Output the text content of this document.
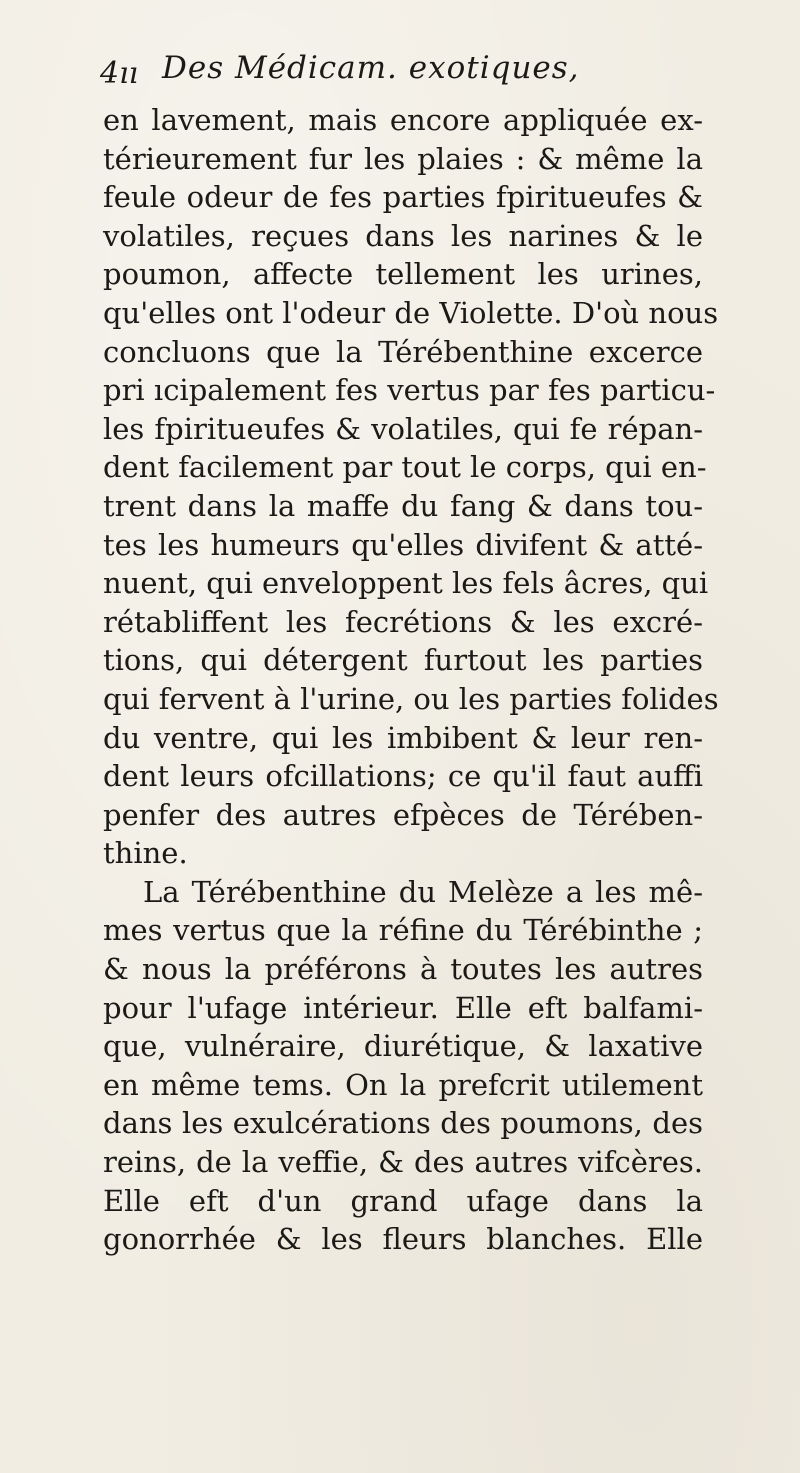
4ıı Des Médicam. exotiques,
en lavement, mais encore appliquée ex-
térieurement fur les plaies : & même la
feule odeur de fes parties fpiritueufes &
volatiles, reçues dans les narines & le
poumon, affecte tellement les urines,
qu'elles ont l'odeur de Violette. D'où nous
concluons que la Térébenthine excerce
pri ıcipalement fes vertus par fes particu-
les fpiritueufes & volatiles, qui fe répan-
dent facilement par tout le corps, qui en-
trent dans la maffe du fang & dans tou-
tes les humeurs qu'elles divifent & atté-
nuent, qui enveloppent les fels âcres, qui
rétabliffent les fecrétions & les excré-
tions, qui détergent furtout les parties
qui fervent à l'urine, ou les parties folides
du ventre, qui les imbibent & leur ren-
dent leurs ofcillations; ce qu'il faut auffi
penfer des autres efpèces de Térében-
thine.
La Térébenthine du Melèze a les mê-
mes vertus que la réfine du Térébinthe ;
& nous la préférons à toutes les autres
pour l'ufage intérieur. Elle eft balfami-
que, vulnéraire, diurétique, & laxative
en même tems. On la prefcrit utilement
dans les exulcérations des poumons, des
reins, de la veffie, & des autres vifcères.
Elle eft d'un grand ufage dans la
gonorrhée & les fleurs blanches. Elle
